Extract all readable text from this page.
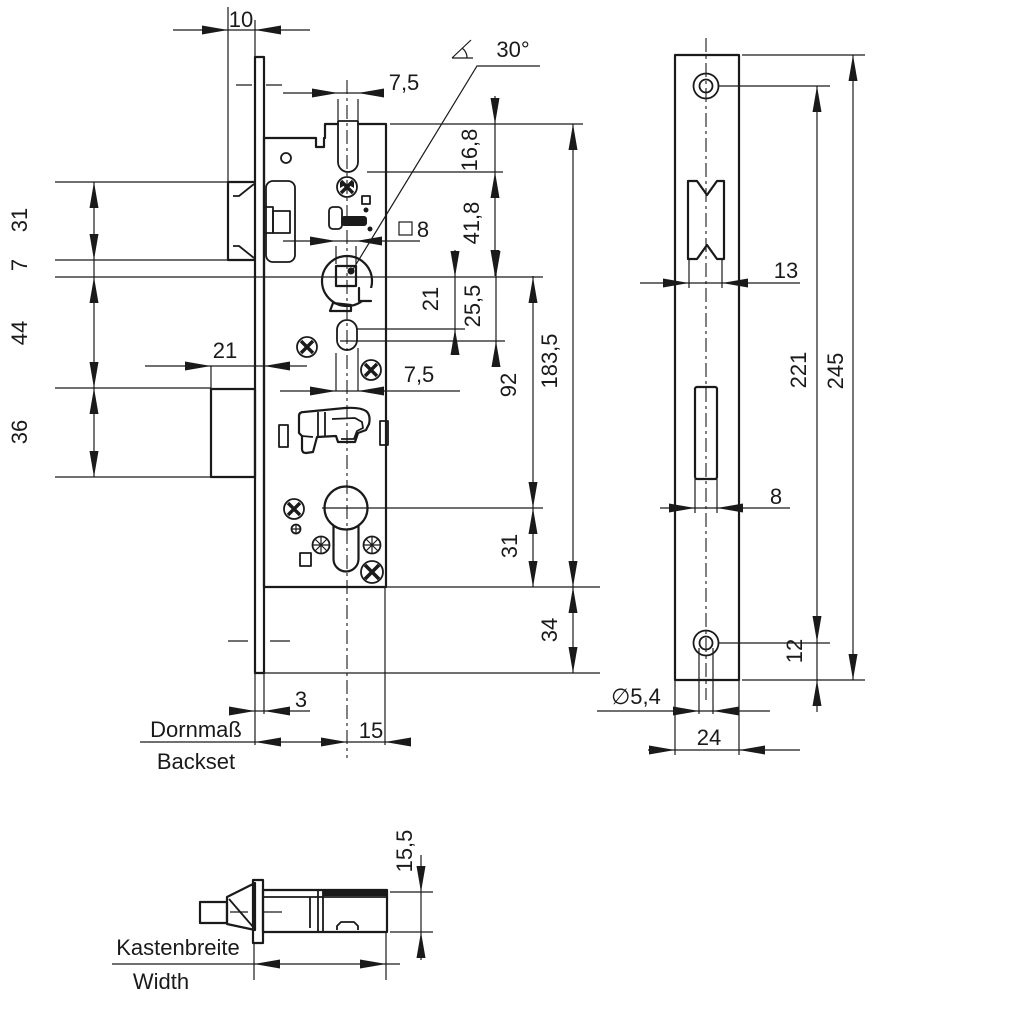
10
7,5
30°
8
16,8
41,8
31
7
44
36
21
21 25,5
92 183,5
7,5
31
34
3
15
Dornmaß
Backset
13
221 245
8
12
∅5,4
24
15,5
Kastenbreite
Width
